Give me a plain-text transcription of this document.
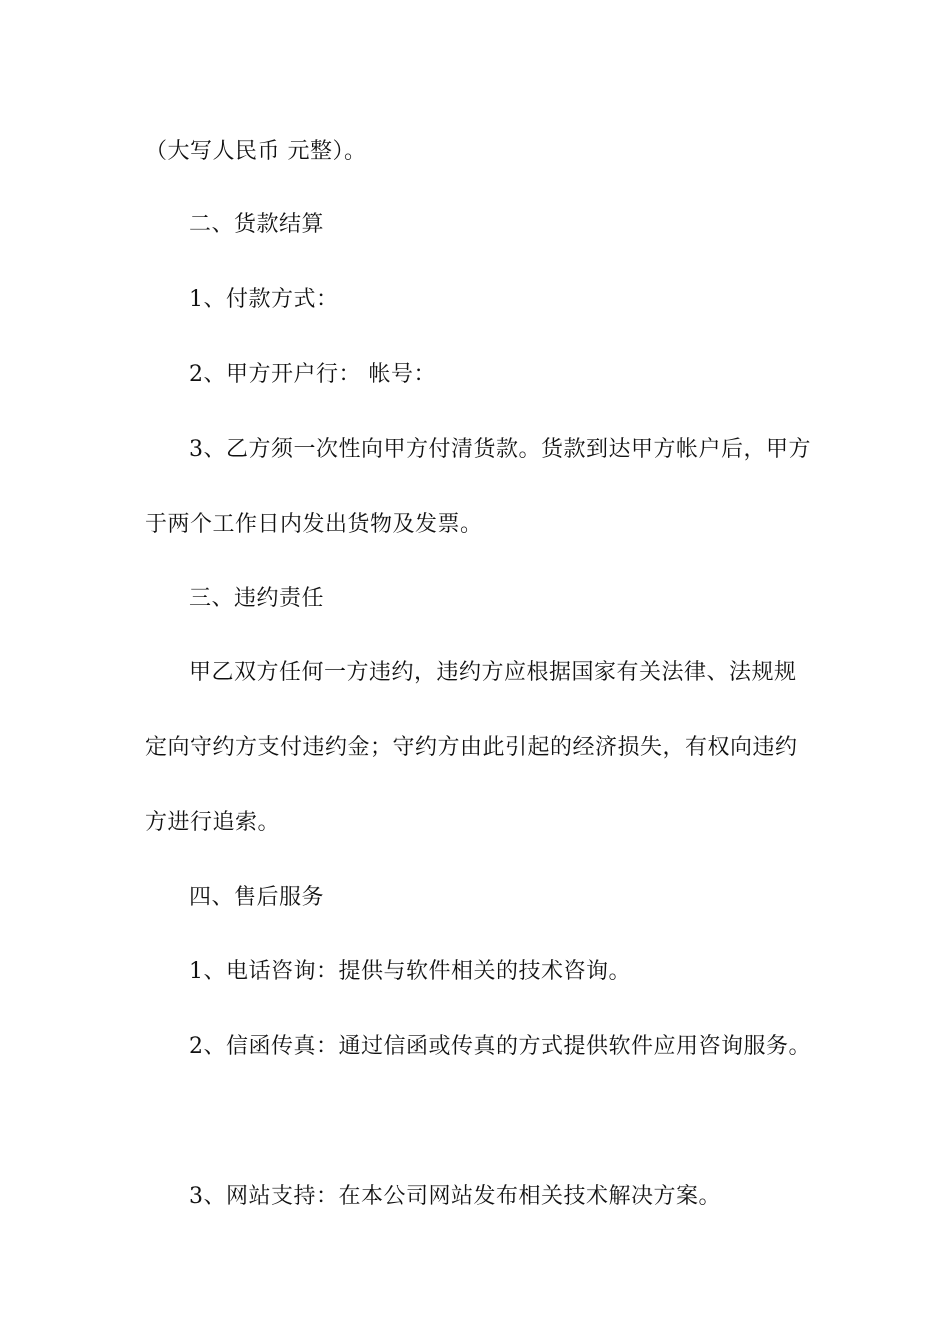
（大写人民币 元整）。
二、货款结算
1、付款方式：
2、甲方开户行： 帐号：
3、乙方须一次性向甲方付清货款。货款到达甲方帐户后，甲方
于两个工作日内发出货物及发票。
三、违约责任
甲乙双方任何一方违约，违约方应根据国家有关法律、法规规
定向守约方支付违约金；守约方由此引起的经济损失，有权向违约
方进行追索。
四、售后服务
1、电话咨询：提供与软件相关的技术咨询。
2、信函传真：通过信函或传真的方式提供软件应用咨询服务。
3、网站支持：在本公司网站发布相关技术解决方案。
